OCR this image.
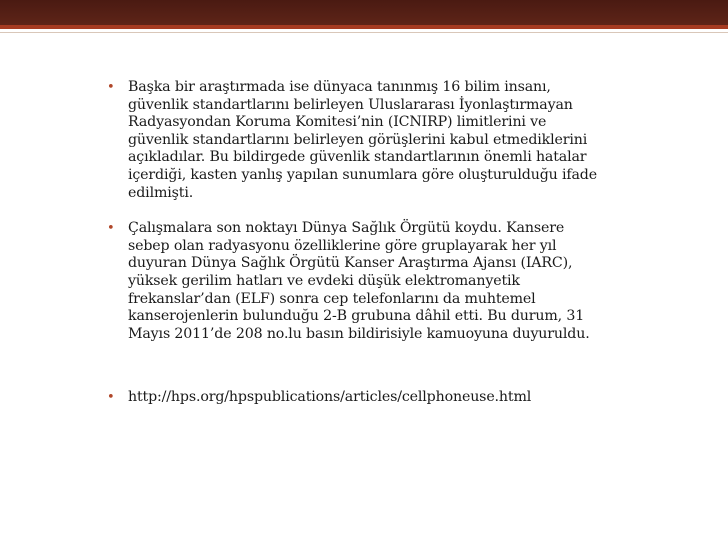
• Başka bir araştırmada ise dünyaca tanınmış 16 bilim insanı, güvenlik standartlarını belirleyen Uluslararası İyonlaştırmayan Radyasyondan Koruma Komitesi’nin (ICNIRP) limitlerini ve güvenlik standartlarını belirleyen görüşlerini kabul etmediklerini açıkladılar. Bu bildirgede güvenlik standartlarının önemli hatalar içerdiği, kasten yanlış yapılan sunumlara göre oluşturulduğu ifade edilmişti.
• Çalışmalara son noktayı Dünya Sağlık Örgütü koydu. Kansere sebep olan radyasyonu özelliklerine göre gruplayarak her yıl duyuran Dünya Sağlık Örgütü Kanser Araştırma Ajansı (IARC), yüksek gerilim hatları ve evdeki düşük elektromanyetik frekanslar’dan (ELF) sonra cep telefonlarını da muhtemel kanserojenlerin bulunduğu 2-B grubuna dâhil etti. Bu durum, 31 Mayıs 2011’de 208 no.lu basın bildirisiyle kamuoyuna duyuruldu.
• http://hps.org/hpspublications/articles/cellphoneuse.html
